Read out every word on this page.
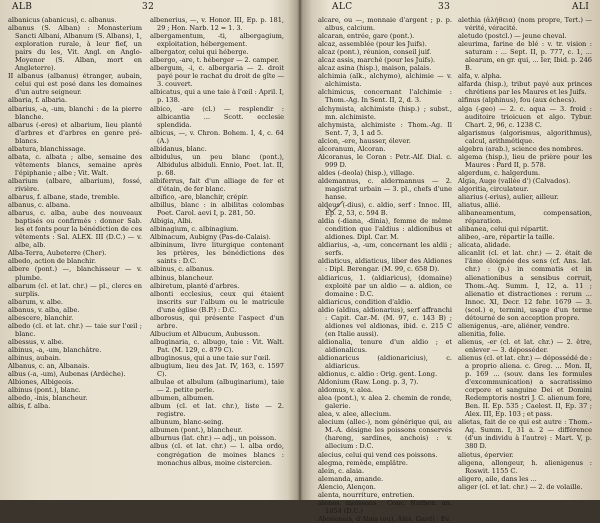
ALB	32

albanicus (abanicus), c. albanus.

albanus (S. Alban) : Monasterium Sancti Albani, Albanum (S. Albans), 1, exploration rurale, à leur fief, un pairs du les, Vit. Angl. en Anglo-Moyenor (S. Alban, mort en Angleterre).

II albanus (albanus) étranger, aubain, celui qui est posé dans les domaines d'un autre seigneur.

albaria, f. albaria.

albarius, -a, -um, blanchi : de la pierre blanche.

albarus (-eres) et albarium, lieu planté d'arbres et d'arbres en genre pré-blancs.

albatura, blanchissage.

albata, c. albata ; albe, semaine des vêtements blancs, semaine après l'épiphanie ; albe ; Vit. Walt.

albarium (albare, albarium), fossé, rivière.

albarus, f. albane, stade, tremble.

albanus, c. albana.

albarus, c. alba, aube des nouveaux baptisés ou confirmés : donner Sab. les et fonts pour la bénédiction de ces vêtements : Sal. ALEX. III (D.C.) — v. albe, alb.

Alba-Terra, Aubeterre (Cher).

albedo, action de blanchir.

albere (pont.) —, blanchisseur — v. plumbe.

albarum (cl. et lat. chr.) — pl., clercs en surplis.

albarum, v. albe.

albanus, v. alba, albe.

albescere, blanchir.

albedo (cl. et lat. chr.) — taie sur l'œil ; blanc.

albessus, v. albe.

albinus, -a, -um, blanchâtre.

albinus, aubain.

Albanus, c. an, Albanais.

albus (-a, -um), Aubenas (Ardèche).

Albiones, Albigeois.

albinus (pont.), blanc.

albedo, -inis, blancheur.

albis, f. alba.

albenerius, —, v. Honor. III, Ep. p. 181, 29 ; Hon. Narb. 12 = 1. 3.

albergamentum, -ti, albergagium, exploitation, hébergement.

albergator, celui qui héberge.

albergo, -are, t. héberger — 2. camper.

albergum, -i, c. albergaria — 2. droit payé pour le rachat du droit de gîte — 3. couvert.

albicatus, qui a une taie à l'œil : April. I, p. 138.

albico, -are (cl.) — resplendir : albicantia ... Scott. ecclesie splendida.

albicus, —, v. Chron. Bohem. I, 4, c. 64 (A.)

albidanus, blanc.

albidulus, un peu blanc (pont.), Albidulus albiduli. Ennio, Poet. lat. II, p. 68.

albiferrus, fait d'un alliage de fer et d'étain, de fer blanc.

albifico, -are, blanchir, crépir.

albillus, blanc : in albilitas colombas Poet. Carol. aevi I, p. 281, 50.

Albigia, Albi.

albinagium, c. albinagium.

Albinacum, Aubigny (Pas-de-Calais).

albininum, livre liturgique contenant les prières, les bénédictions des saints : D.C.

albinus, c. albanus.

albinus, blancheur.

albiretum, planté d'arbres.

albonti ecclesius, ceux qui étaient inscrits sur l'album ou le matricule d'une église (B.P.) : D.C.

alborosus, qui présente l'aspect d'un arbre.

Albucium et Albucum, Aubusson.

albuginaria, c. albugo, taie : Vit. Walt. Pat. (M. 129, c. 879 C).

albuginosus, qui a une taie sur l'œil.

albugium, lieu des Jat. IV, 163, c. 1597 C).

albulae et albulum (albuginarium), taie — 2. petite perle.

albumen, albumen.

album (cl. et lat. chr.), liste — 2. registre.

albunum, blanc-seing.

albumen (pont.), blancheur.

alburnus (lat. chr.) — adj., un poisson.

albus (cl. et lat. chr.) — l. alba ordo, congrégation de moines blancs : monachus albus, moine cistercien.

ALC	33	ALI

alcare, ou —, monnaie d'argent ; p. p. albus, calcium.

alcaran, entrée, gare (pont.).

alcaz, assemblée (pour les Juifs).

alcaz (pont.), réunion, conseil juif.

alcaz assis, marché (pour les Juifs).

alcaz asina (hisp.), maison, palais.

alchimia (alk., alchymo), alchimie — v. alchimista.

alchimicus, concernant l'alchimie : Thom.-Ag. In Sent. II, 2, d. 3.

alchymista, alchimiste (hisp.) ; subst., mn. alchimiste.

alchymista, alchimiste : Thom.-Ag. Il Sent. 7, 3, 1 ad 5.

alcion, -ere, hausser, élever.

alcoranum, Alcoran.

Alcoranus, le Coran : Petr.-Alf. Dial. c. 999 D.

aldes (-deola) (hisp.), village.

aldemannus, c. aldermannus — 2. magistrat urbain — 3. pl., chefs d'une hanse.

aldeus (-dius), c. aldio, serf : Innoc. III, Ep. 2, 53, c. 594 B.

aldia (-diana, -dinia), femme de même condition que l'aldius : aldionibus et aldiones. Dipl. Car. M.

aldiarius, -a, -um, concernant les aldii ; serfs.

aldiaticus, aldiaticus, liber des Aldiones : Dipl. Berengar. (M. 99, c. 658 D).

aldiaricus, 1. (aldiaricus), (domaine) exploité par un aldio — a. aldion, ce domaine : D.C.

aldiaricus, condition d'aldio.

aldio (aldius, aldionarius), serf affranchi : Capit. Car.-M. (M. 97, c. 143 B) ; aldiones vel aldionas, ibid. c. 215 C (en Italie aussi).

aldionalia, tenure d'un aldio ; et aldionalicus.

aldionaricus (aldionaricius), c. aldiaricus.

aldionus, c. aldio : Orig. gent. Long.

Aldonium (Raw. Long. p. 3, 7).

aldomus, v. alea.

alea (pont.), v. alea 2. chemin de ronde, galerie.

alea, v. alee, allecium.

alecium (allec-), nom générique qui, au M.-A. désigne les poissons conservés (hareng, sardines, anchois) : v. allecium : D.C.

alecius, celui qui vend ces poissons.

alegma, remède, emplâtre.

alein, c. alaia.

alemanda, amande.

Alencio, Alençon.

alenta, nourriture, entretien.

alenes, moissons : Conc. Narbon. an. 1054 (D.C.)

Alesienais, d'Alais (ou), Alès, Gard) : Ev.

alethia (ἀλήθεια) (nom propre, Tert.) — vérité, véracité.

aletudo (postcl.) — jeune cheval.

aleurima, farine de blé : v. tr. vision : saturam : ... Sept. II, p. 777, c. 1, ... alearum, en gr. qui, ... Ier, Ibid. p. 246 B.

alfa, v. alpha.

alfarda (hisp.), tribut payé aux princes chrétiens par les Maures et les Juifs.

alfinus (alphinus), fou (aux échecs).

alga (-geo) — 2. c. aqua — 3. froid : auditoire trioicuen et algo. Tybur. Chart. 2, 96, c. 1238 C.

algarismus (algorismus, algorithmus), calcul, arithmétique.

algebra (arab.), science des nombres.

algema (hisp.), lieu de prière pour les Maures : Pard II, p. 578.

algerdum, c. halgerdum.

Algia, Auge (vallée d') (Calvados).

algoritia, circulateur.

aliarius (-erius), aulier, ailleur.

aliatus, allié.

alibaneamentum, compensation, réparation.

alibanea, celui qui répartit.

alibeo, -are, répartir la taille.

alicata, alidade.

alicanlit (cl. et lat. chr.) — 2. était de l'âme éloignée des sens (cf. Ans. lat. chr.) : (p.) in commatis et in alienationibus a sensibus corruit, Thom.-Aq. Summ. I, 12, a. 11 ; alienatio et distractiones : rerum ... Innoc. XI, Decr. 12 febr. 1679 — 3. (scol.) e, termini, usage d'un terme détourné de son acception propre.

alienigenus, -are, aliéner, vendre.

alienitia, folie.

alienus, -er (cl. et lat. chr.) — 2. être, enlever — 3. déposséder.

alienus (cl. et lat. chr.) — dépossédé de : a proprio aliena. c. Greg. ... Mon. II, p. 169 ... (souv. dans les formules d'excommunication) a sacratissimo corpore et sanguine Dei et Domini Redemptoris nostri J. C. alienum fore, Ben. II. Ep. 535 ; Caelest. II, Ep. 37 ; Alex. III, Ep. 103 ; et pass.

alietas, fait de ce qui est autre : Thom.-Aq. Summ. I, 31 a. 2 — différence (d'un individu à l'autre) : Mart. V, p. 380 D.

alietus, épervier.

aligena, allongeur, h. alienigenus : Roswit. 1155 C.

aligero, aile, dans les ...

aliger (cl. et lat. chr.) — 2. de volaille.
